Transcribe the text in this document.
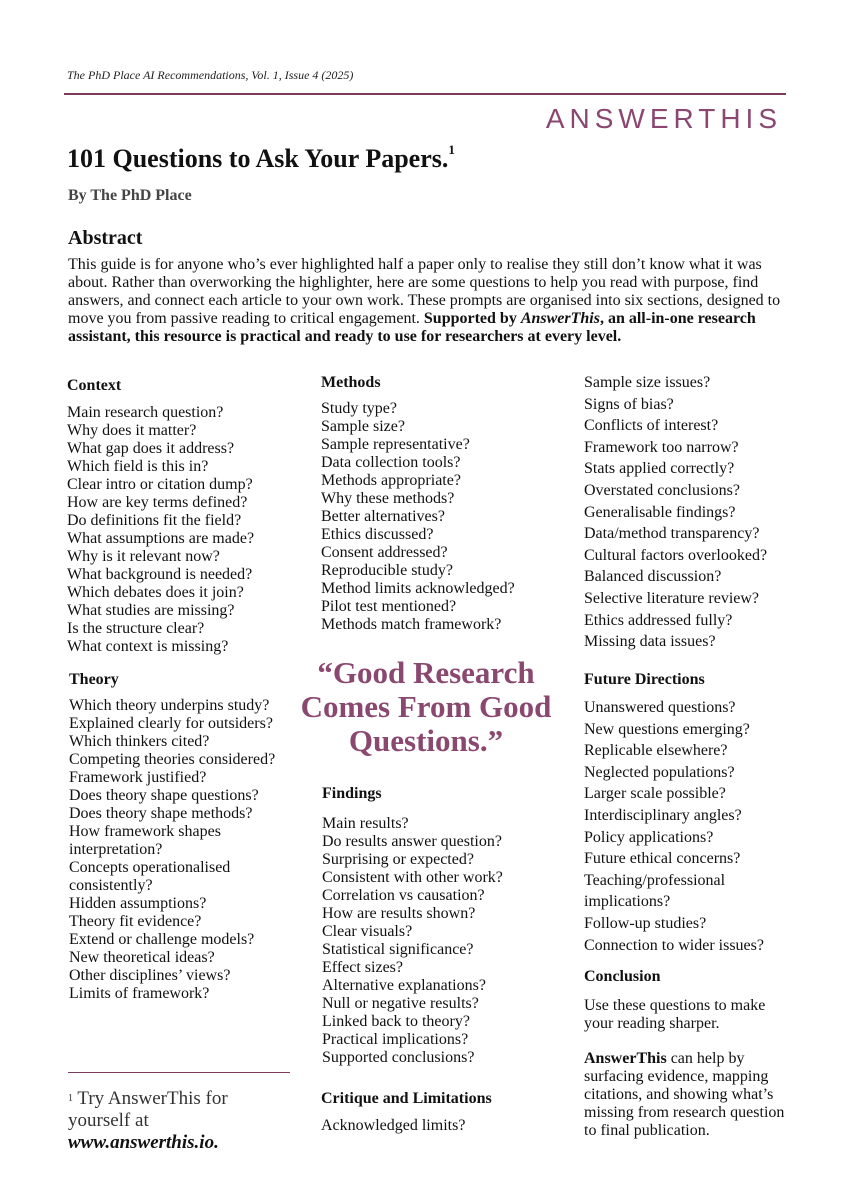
The PhD Place AI Recommendations, Vol. 1, Issue 4 (2025)
ANSWERTHIS
101 Questions to Ask Your Papers.$^1$
By The PhD Place
Abstract
This guide is for anyone who’s ever highlighted half a paper only to realise they still don’t know what it was about. Rather than overworking the highlighter, here are some questions to help you read with purpose, find answers, and connect each article to your own work. These prompts are organised into six sections, designed to move you from passive reading to critical engagement. Supported by AnswerThis, an all-in-one research assistant, this resource is practical and ready to use for researchers at every level.
Context
Main research question?
Why does it matter?
What gap does it address?
Which field is this in?
Clear intro or citation dump?
How are key terms defined?
Do definitions fit the field?
What assumptions are made?
Why is it relevant now?
What background is needed?
Which debates does it join?
What studies are missing?
Is the structure clear?
What context is missing?
Theory
Which theory underpins study?
Explained clearly for outsiders?
Which thinkers cited?
Competing theories considered?
Framework justified?
Does theory shape questions?
Does theory shape methods?
How framework shapes interpretation?
Concepts operationalised consistently?
Hidden assumptions?
Theory fit evidence?
Extend or challenge models?
New theoretical ideas?
Other disciplines’ views?
Limits of framework?
$^1$ Try AnswerThis for yourself at www.answerthis.io.
Methods
Study type?
Sample size?
Sample representative?
Data collection tools?
Methods appropriate?
Why these methods?
Better alternatives?
Ethics discussed?
Consent addressed?
Reproducible study?
Method limits acknowledged?
Pilot test mentioned?
Methods match framework?
“Good Research Comes From Good Questions.”
Findings
Main results?
Do results answer question?
Surprising or expected?
Consistent with other work?
Correlation vs causation?
How are results shown?
Clear visuals?
Statistical significance?
Effect sizes?
Alternative explanations?
Null or negative results?
Linked back to theory?
Practical implications?
Supported conclusions?
Critique and Limitations
Acknowledged limits?
Sample size issues?
Signs of bias?
Conflicts of interest?
Framework too narrow?
Stats applied correctly?
Overstated conclusions?
Generalisable findings?
Data/method transparency?
Cultural factors overlooked?
Balanced discussion?
Selective literature review?
Ethics addressed fully?
Missing data issues?
Future Directions
Unanswered questions?
New questions emerging?
Replicable elsewhere?
Neglected populations?
Larger scale possible?
Interdisciplinary angles?
Policy applications?
Future ethical concerns?
Teaching/professional implications?
Follow-up studies?
Connection to wider issues?
Conclusion

Use these questions to make your reading sharper.

AnswerThis can help by surfacing evidence, mapping citations, and showing what’s missing from research question to final publication.
